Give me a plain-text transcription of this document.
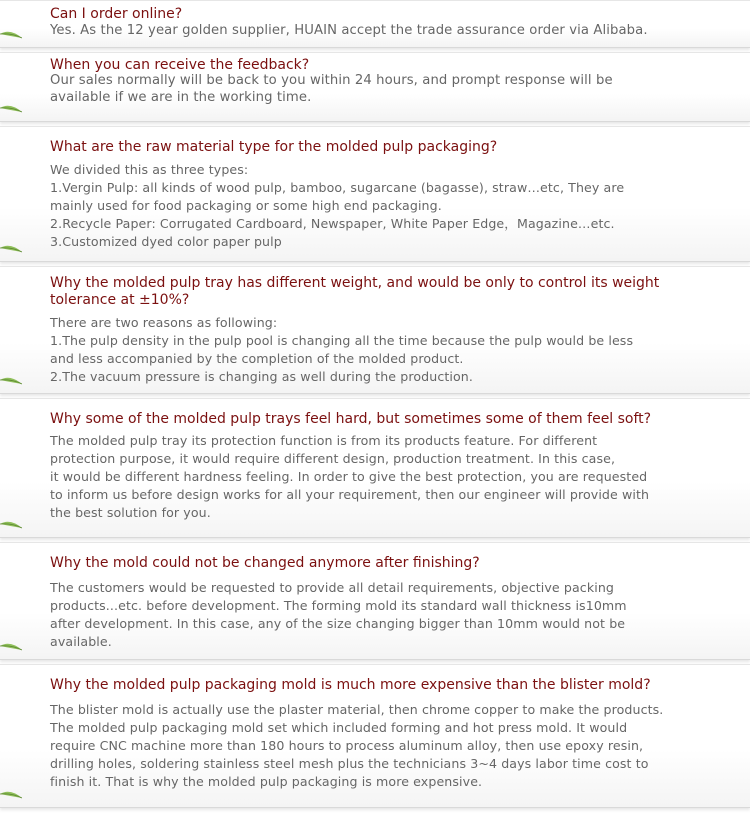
Can I order online?
Yes. As the 12 year golden supplier, HUAIN accept the trade assurance order via Alibaba.
When you can receive the feedback?
Our sales normally will be back to you within 24 hours, and prompt response will be
available if we are in the working time.
What are the raw material type for the molded pulp packaging?
We divided this as three types:
1.Vergin Pulp: all kinds of wood pulp, bamboo, sugarcane (bagasse), straw…etc, They are
mainly used for food packaging or some high end packaging.
2.Recycle Paper: Corrugated Cardboard, Newspaper, White Paper Edge，Magazine…etc.
3.Customized dyed color paper pulp
Why the molded pulp tray has different weight, and would be only to control its weight
tolerance at ±10%?
There are two reasons as following:
1.The pulp density in the pulp pool is changing all the time because the pulp would be less
and less accompanied by the completion of the molded product.
2.The vacuum pressure is changing as well during the production.
Why some of the molded pulp trays feel hard, but sometimes some of them feel soft?
The molded pulp tray its protection function is from its products feature. For different
protection purpose, it would require different design, production treatment. In this case,
it would be different hardness feeling. In order to give the best protection, you are requested
to inform us before design works for all your requirement, then our engineer will provide with
the best solution for you.
Why the mold could not be changed anymore after finishing?
The customers would be requested to provide all detail requirements, objective packing
products...etc. before development. The forming mold its standard wall thickness is10mm
after development. In this case, any of the size changing bigger than 10mm would not be
available.
Why the molded pulp packaging mold is much more expensive than the blister mold?
The blister mold is actually use the plaster material, then chrome copper to make the products.
The molded pulp packaging mold set which included forming and hot press mold. It would
require CNC machine more than 180 hours to process aluminum alloy, then use epoxy resin,
drilling holes, soldering stainless steel mesh plus the technicians 3~4 days labor time cost to
finish it. That is why the molded pulp packaging is more expensive.
